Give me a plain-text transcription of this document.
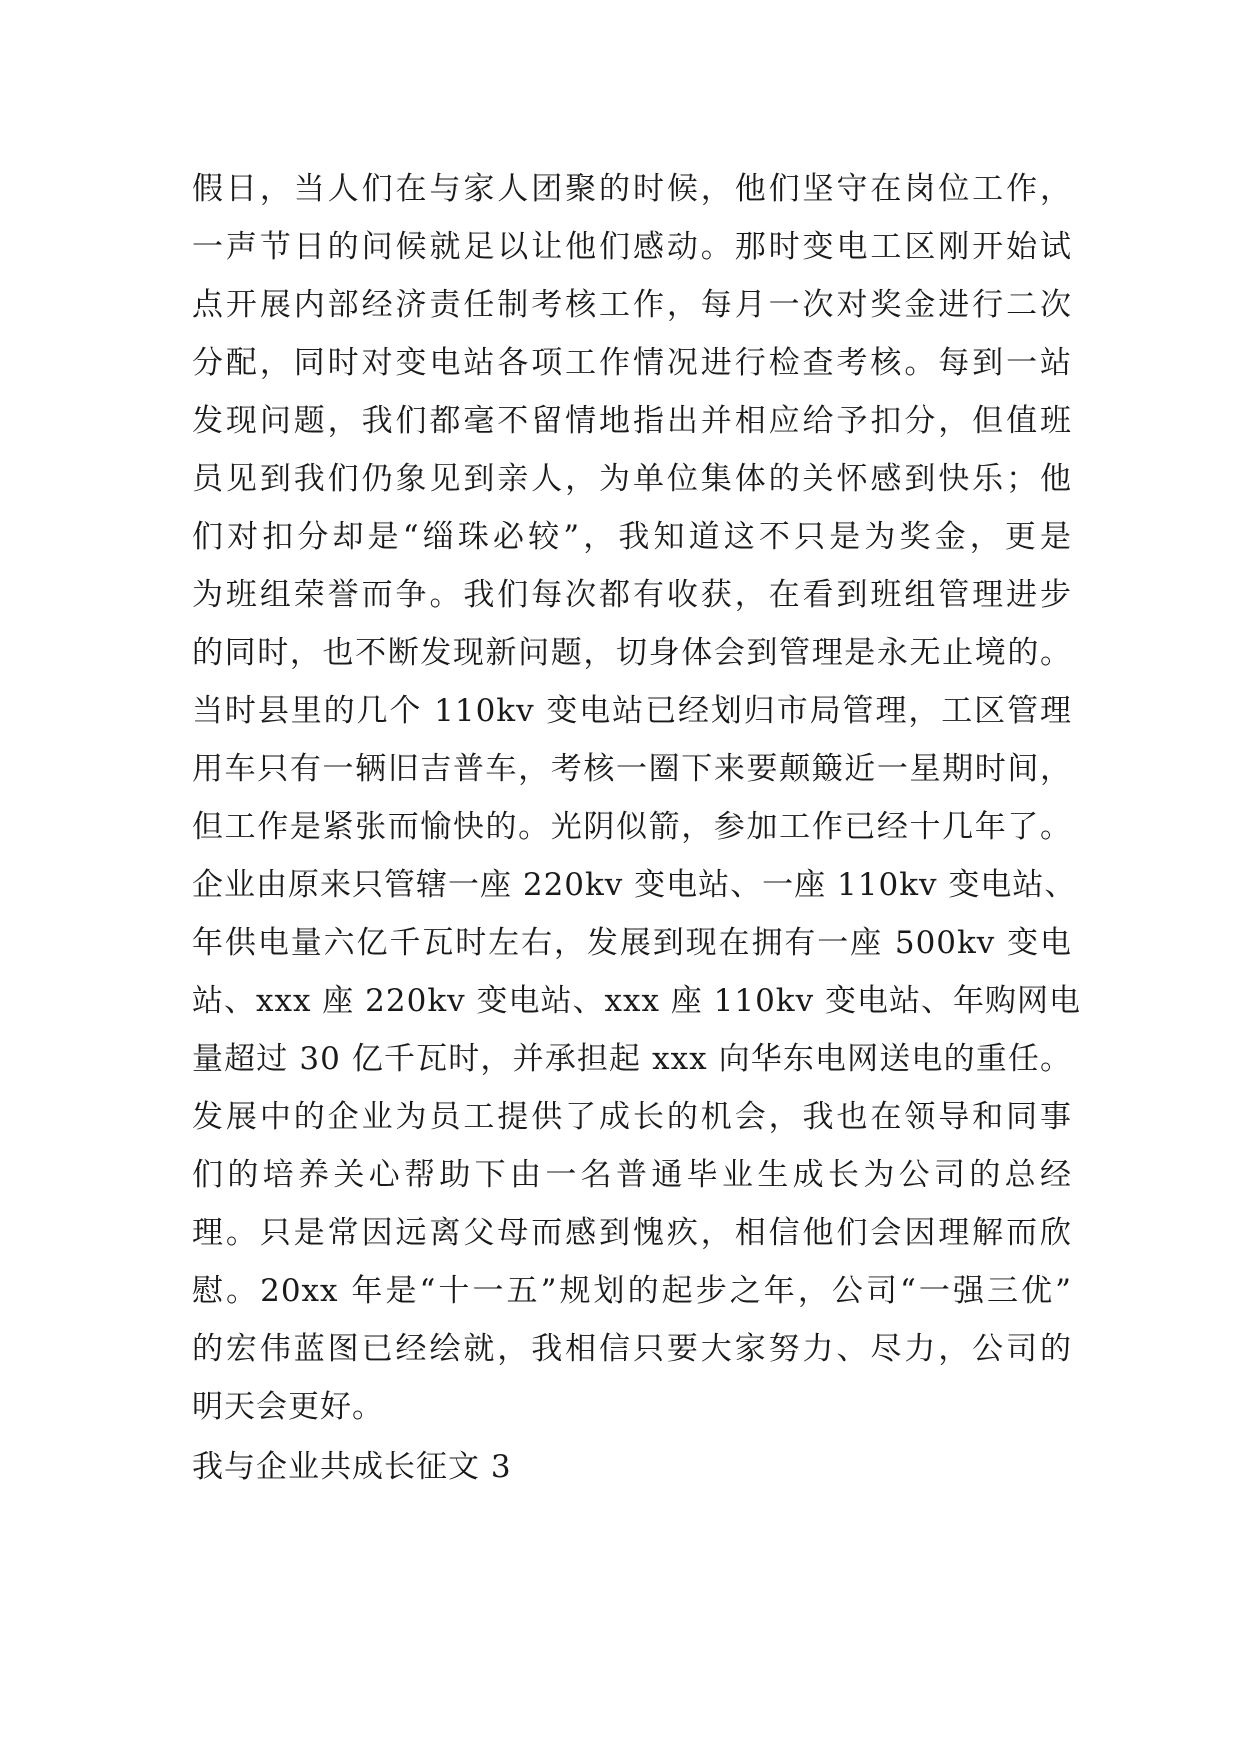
假日，当人们在与家人团聚的时候，他们坚守在岗位工作，
一声节日的问候就足以让他们感动。那时变电工区刚开始试
点开展内部经济责任制考核工作，每月一次对奖金进行二次
分配，同时对变电站各项工作情况进行检查考核。每到一站
发现问题，我们都毫不留情地指出并相应给予扣分，但值班
员见到我们仍象见到亲人，为单位集体的关怀感到快乐；他
们对扣分却是“缁珠必较”，我知道这不只是为奖金，更是
为班组荣誉而争。我们每次都有收获，在看到班组管理进步
的同时，也不断发现新问题，切身体会到管理是永无止境的。
当时县里的几个 110kv 变电站已经划归市局管理，工区管理
用车只有一辆旧吉普车，考核一圈下来要颠簸近一星期时间，
但工作是紧张而愉快的。光阴似箭，参加工作已经十几年了。
企业由原来只管辖一座 220kv 变电站、一座 110kv 变电站、
年供电量六亿千瓦时左右，发展到现在拥有一座 500kv 变电
站、xxx 座 220kv 变电站、xxx 座 110kv 变电站、年购网电
量超过 30 亿千瓦时，并承担起 xxx 向华东电网送电的重任。
发展中的企业为员工提供了成长的机会，我也在领导和同事
们的培养关心帮助下由一名普通毕业生成长为公司的总经
理。只是常因远离父母而感到愧疚，相信他们会因理解而欣
慰。20xx 年是“十一五”规划的起步之年，公司“一强三优”
的宏伟蓝图已经绘就，我相信只要大家努力、尽力，公司的
明天会更好。
我与企业共成长征文 3
